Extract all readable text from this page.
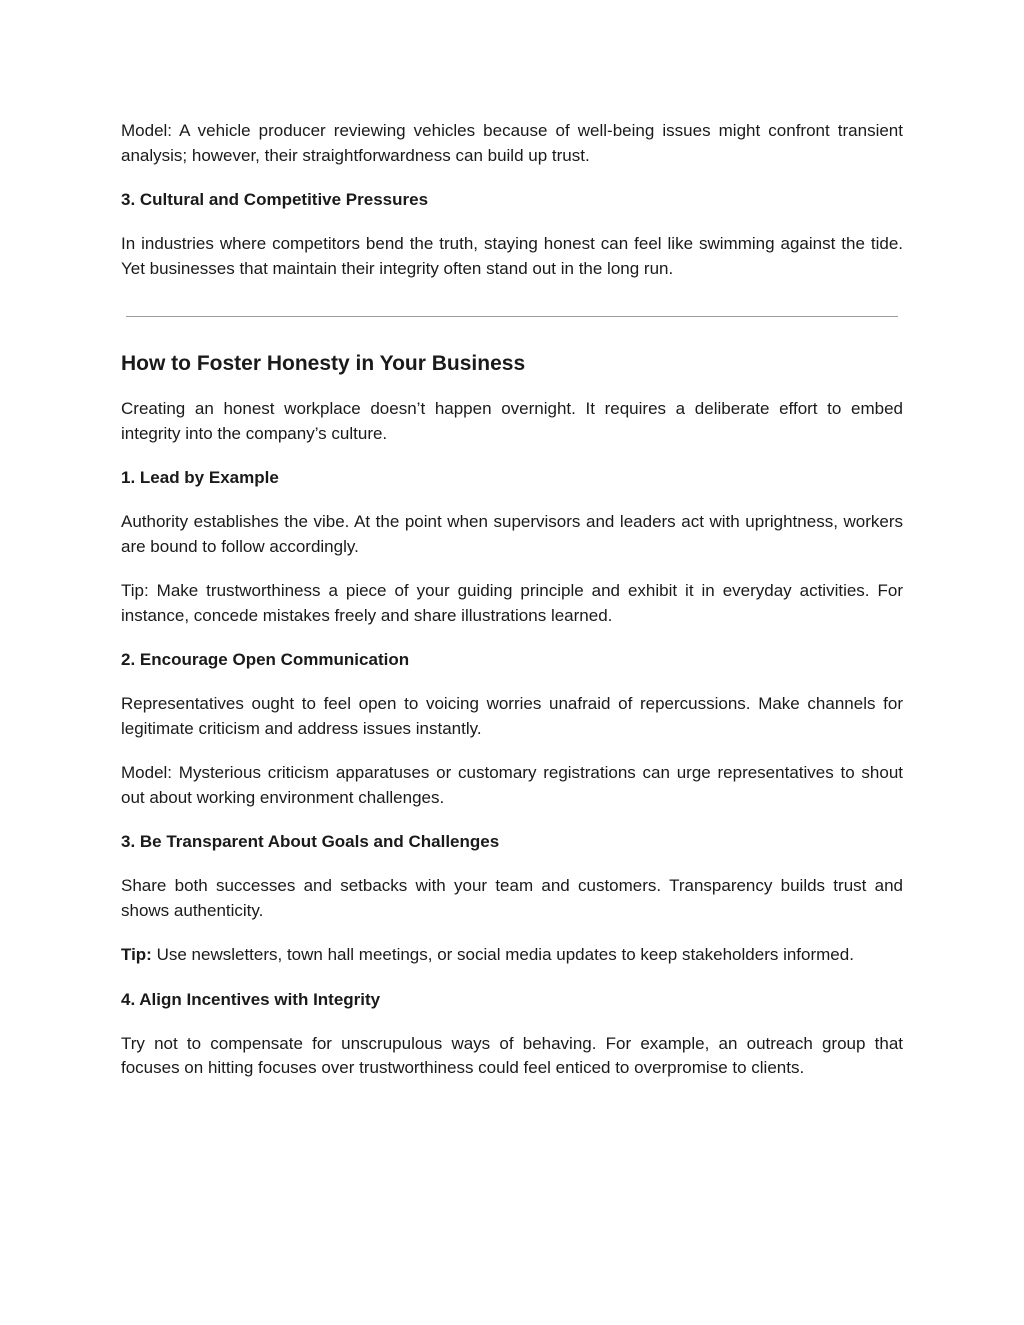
Model: A vehicle producer reviewing vehicles because of well-being issues might confront transient analysis; however, their straightforwardness can build up trust.

3. Cultural and Competitive Pressures

In industries where competitors bend the truth, staying honest can feel like swimming against the tide. Yet businesses that maintain their integrity often stand out in the long run.

How to Foster Honesty in Your Business

Creating an honest workplace doesn’t happen overnight. It requires a deliberate effort to embed integrity into the company’s culture.

1. Lead by Example

Authority establishes the vibe. At the point when supervisors and leaders act with uprightness, workers are bound to follow accordingly.

Tip: Make trustworthiness a piece of your guiding principle and exhibit it in everyday activities. For instance, concede mistakes freely and share illustrations learned.

2. Encourage Open Communication

Representatives ought to feel open to voicing worries unafraid of repercussions. Make channels for legitimate criticism and address issues instantly.

Model: Mysterious criticism apparatuses or customary registrations can urge representatives to shout out about working environment challenges.

3. Be Transparent About Goals and Challenges

Share both successes and setbacks with your team and customers. Transparency builds trust and shows authenticity.

Tip: Use newsletters, town hall meetings, or social media updates to keep stakeholders informed.

4. Align Incentives with Integrity

Try not to compensate for unscrupulous ways of behaving. For example, an outreach group that focuses on hitting focuses over trustworthiness could feel enticed to overpromise to clients.
